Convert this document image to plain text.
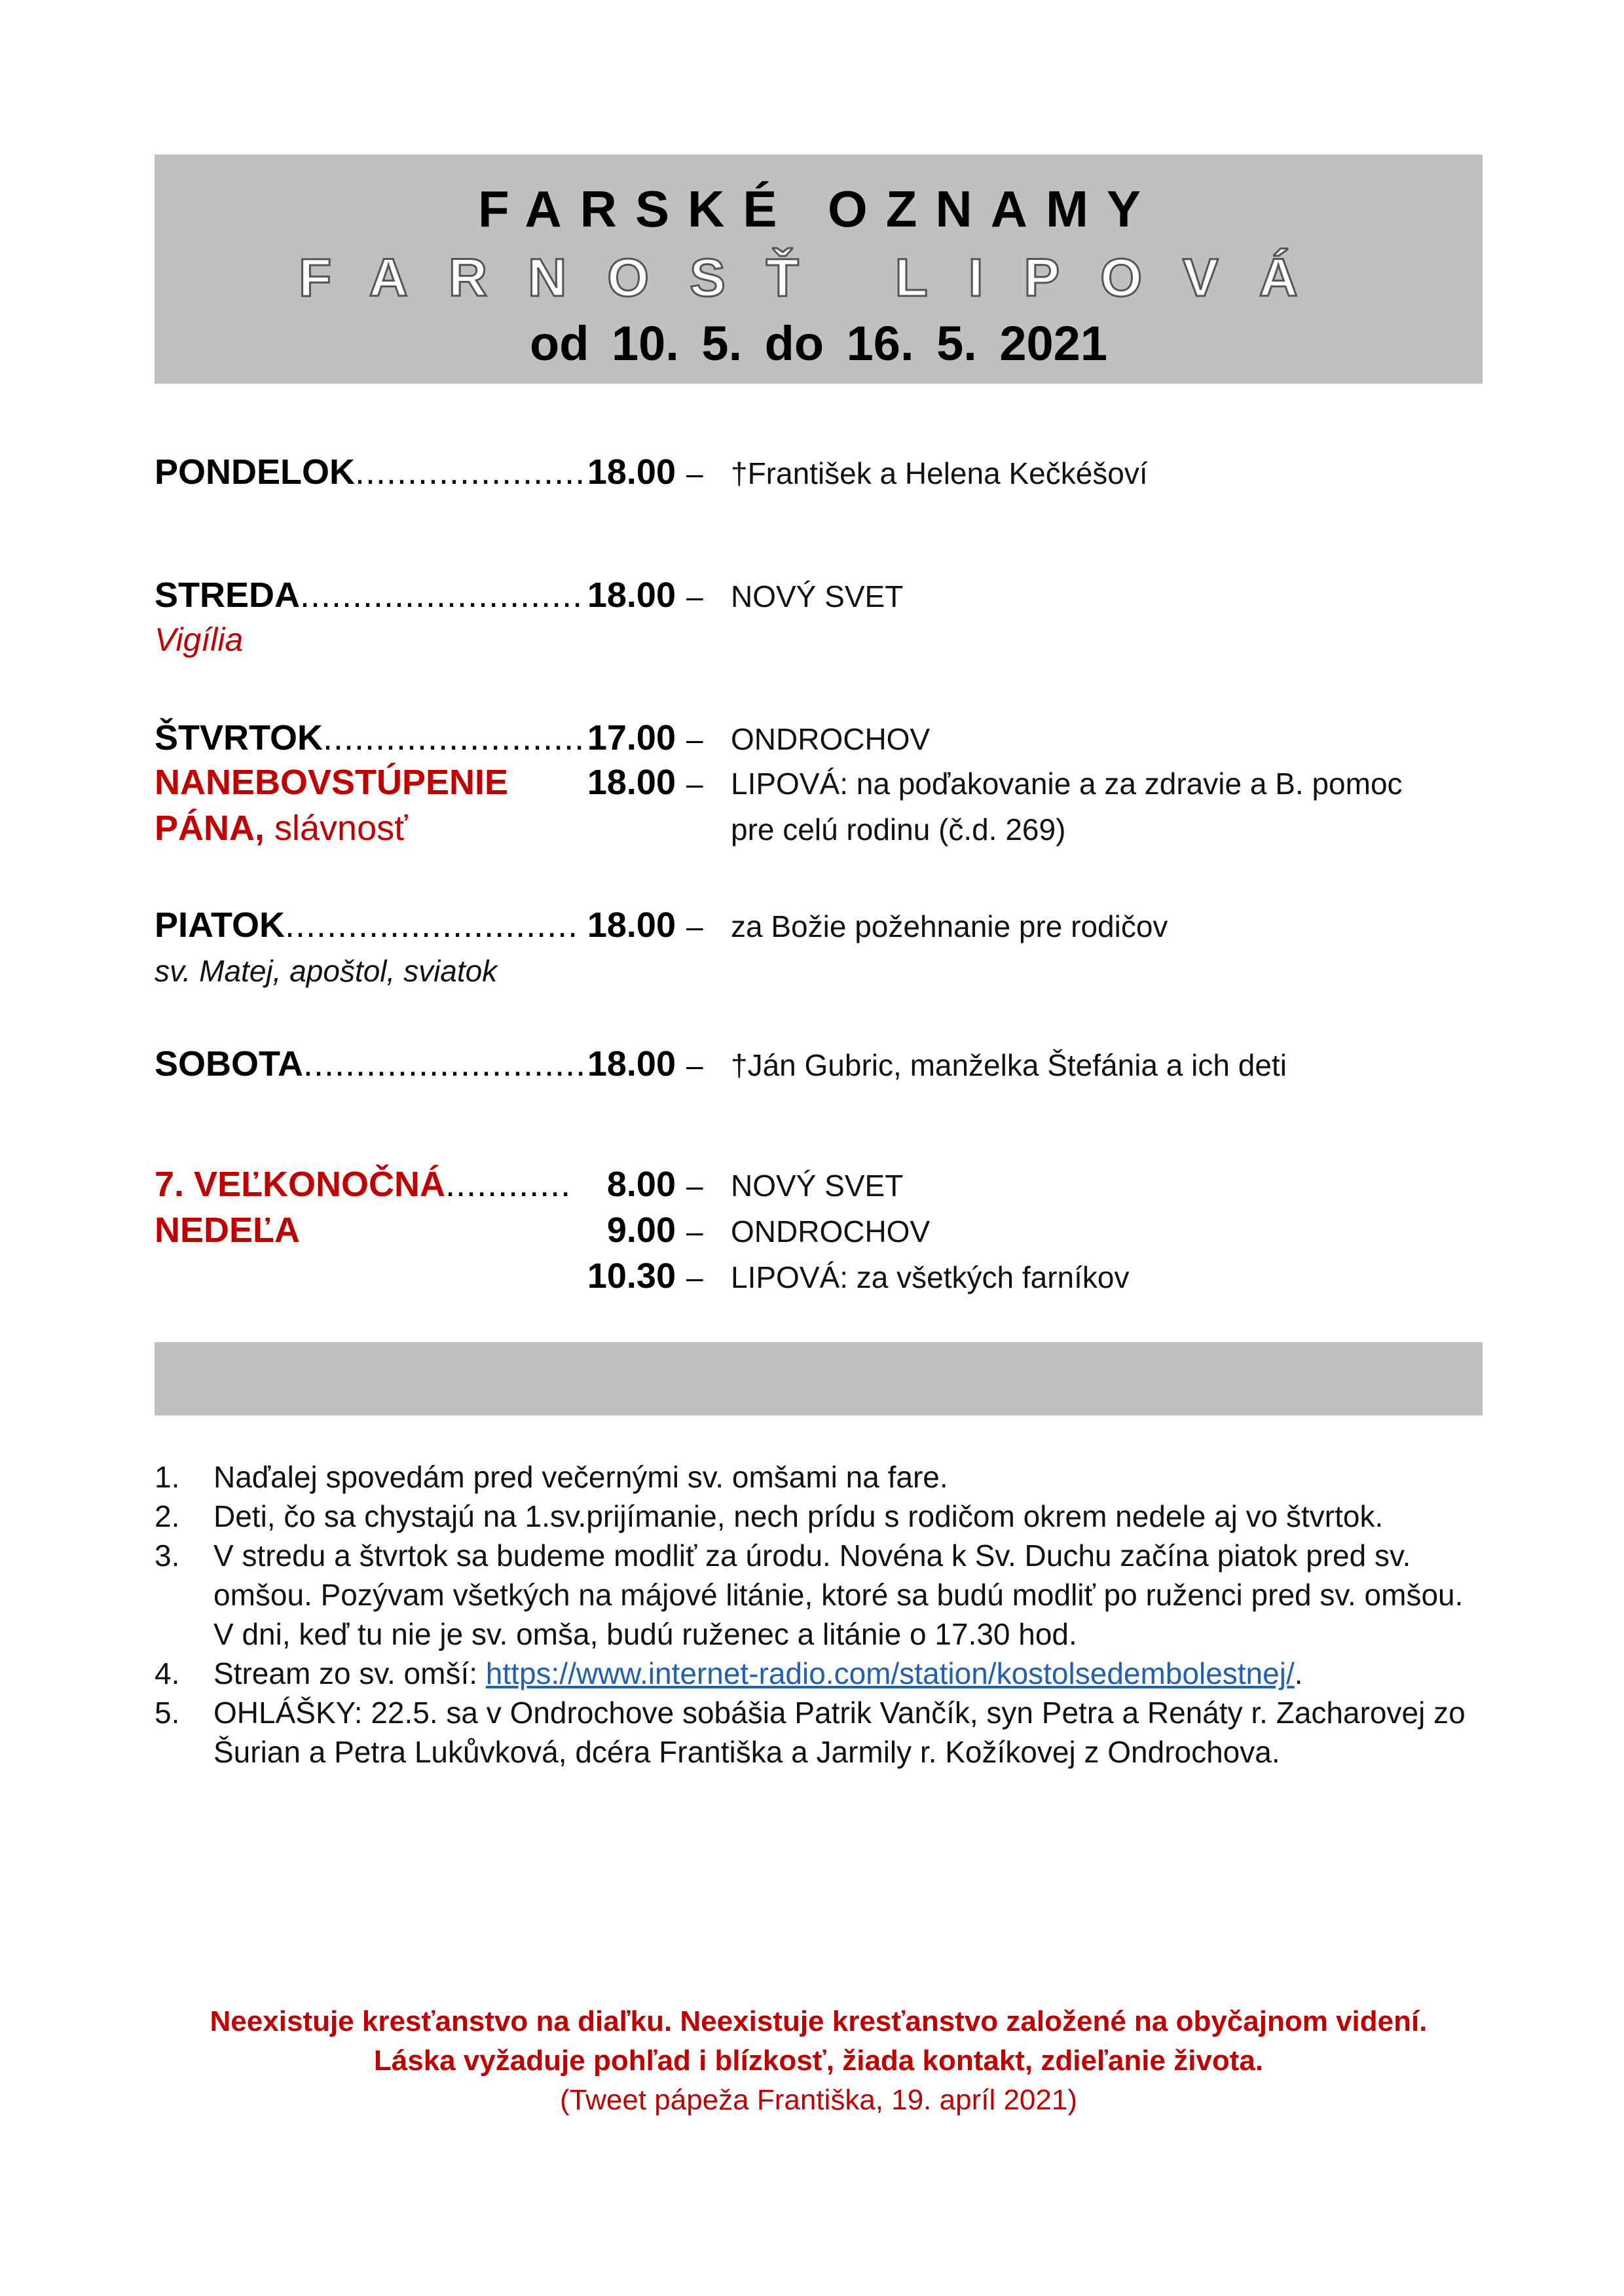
FARSKÉ OZNAMY
FARNOSŤ LIPOVÁ
od 10. 5. do 16. 5. 2021
PONDELOK...................... 18.00 – †František a Helena Kečkéšoví
STREDA........................... 18.00 – NOVÝ SVET
Vigília
ŠTVRTOK......................... 17.00 – ONDROCHOV
NANEBOVSTÚPENIE 18.00 – LIPOVÁ: na poďakovanie a za zdravie a B. pomoc
PÁNA, slávnosť	pre celú rodinu (č.d. 269)
PIATOK............................ 18.00 – za Božie požehnanie pre rodičov
sv. Matej, apoštol, sviatok
SOBOTA........................... 18.00 – †Ján Gubric, manželka Štefánia a ich deti
7. VEĽKONOČNÁ............ 8.00 – NOVÝ SVET
NEDEĽA	9.00 – ONDROCHOV
10.30 – LIPOVÁ: za všetkých farníkov
1. Naďalej spovedám pred večernými sv. omšami na fare.
2. Deti, čo sa chystajú na 1.sv.prijímanie, nech prídu s rodičom okrem nedele aj vo štvrtok.
3. V stredu a štvrtok sa budeme modliť za úrodu. Novéna k Sv. Duchu začína piatok pred sv. omšou. Pozývam všetkých na májové litánie, ktoré sa budú modliť po ruženci pred sv. omšou. V dni, keď tu nie je sv. omša, budú ruženec a litánie o 17.30 hod.
4. Stream zo sv. omší: https://www.internet-radio.com/station/kostolsedembolestnej/.
5. OHLÁŠKY: 22.5. sa v Ondrochove sobášia Patrik Vančík, syn Petra a Renáty r. Zacharovej zo Šurian a Petra Lukůvková, dcéra Františka a Jarmily r. Kožíkovej z Ondrochova.
Neexistuje kresťanstvo na diaľku. Neexistuje kresťanstvo založené na obyčajnom videní.
Láska vyžaduje pohľad i blízkosť, žiada kontakt, zdieľanie života.
(Tweet pápeža Františka, 19. apríl 2021)
